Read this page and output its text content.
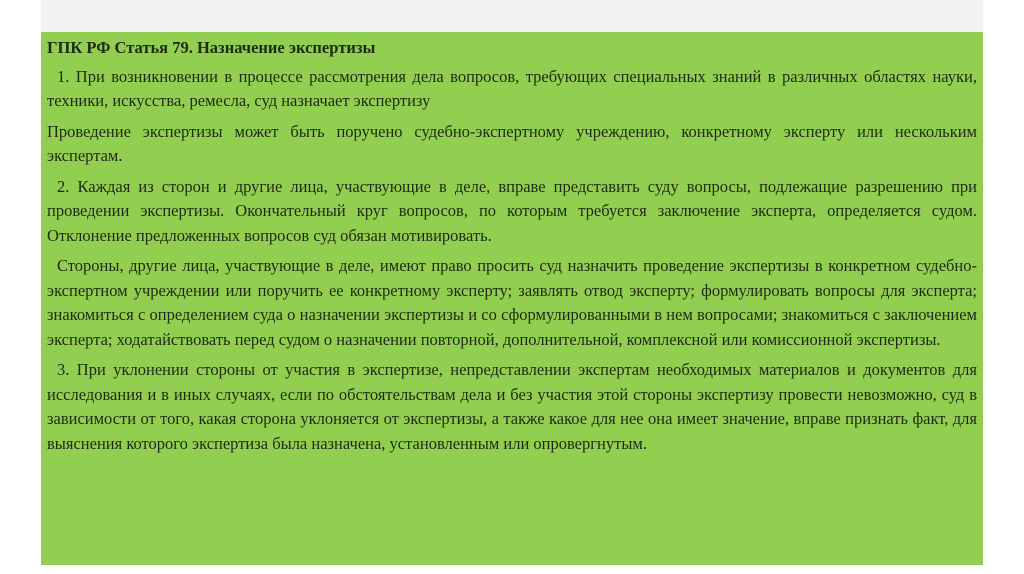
ГПК РФ Статья 79. Назначение экспертизы

1. При возникновении в процессе рассмотрения дела вопросов, требующих специальных знаний в различных областях науки, техники, искусства, ремесла, суд назначает экспертизу

Проведение экспертизы может быть поручено судебно-экспертному учреждению, конкретному эксперту или нескольким экспертам.

2. Каждая из сторон и другие лица, участвующие в деле, вправе представить суду вопросы, подлежащие разрешению при проведении экспертизы. Окончательный круг вопросов, по которым требуется заключение эксперта, определяется судом. Отклонение предложенных вопросов суд обязан мотивировать.

Стороны, другие лица, участвующие в деле, имеют право просить суд назначить проведение экспертизы в конкретном судебно-экспертном учреждении или поручить ее конкретному эксперту; заявлять отвод эксперту; формулировать вопросы для эксперта; знакомиться с определением суда о назначении экспертизы и со сформулированными в нем вопросами; знакомиться с заключением эксперта; ходатайствовать перед судом о назначении повторной, дополнительной, комплексной или комиссионной экспертизы.

3. При уклонении стороны от участия в экспертизе, непредставлении экспертам необходимых материалов и документов для исследования и в иных случаях, если по обстоятельствам дела и без участия этой стороны экспертизу провести невозможно, суд в зависимости от того, какая сторона уклоняется от экспертизы, а также какое для нее она имеет значение, вправе признать факт, для выяснения которого экспертиза была назначена, установленным или опровергнутым.
